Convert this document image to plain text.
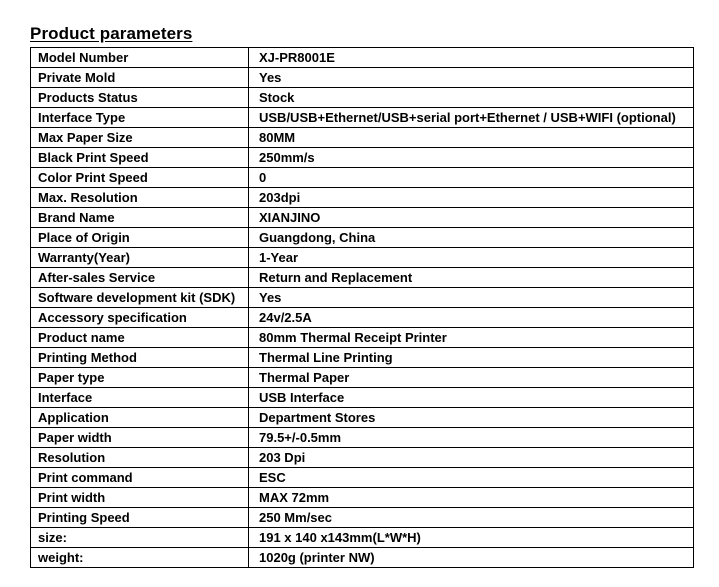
Product parameters
Model Number	XJ-PR8001E
Private Mold	Yes
Products Status	Stock
Interface Type	USB/USB+Ethernet/USB+serial port+Ethernet / USB+WIFI (optional)
Max Paper Size	80MM
Black Print Speed	250mm/s
Color Print Speed	0
Max. Resolution	203dpi
Brand Name	XIANJINO
Place of Origin	Guangdong, China
Warranty(Year)	1-Year
After-sales Service	Return and Replacement
Software development kit (SDK)	Yes
Accessory specification	24v/2.5A
Product name	80mm Thermal Receipt Printer
Printing Method	Thermal Line Printing
Paper type	Thermal Paper
Interface	USB Interface
Application	Department Stores
Paper width	79.5+/-0.5mm
Resolution	203 Dpi
Print command	ESC
Print width	MAX 72mm
Printing Speed	250 Mm/sec
size:	191 x 140 x143mm(L*W*H)
weight:	1020g (printer NW)
